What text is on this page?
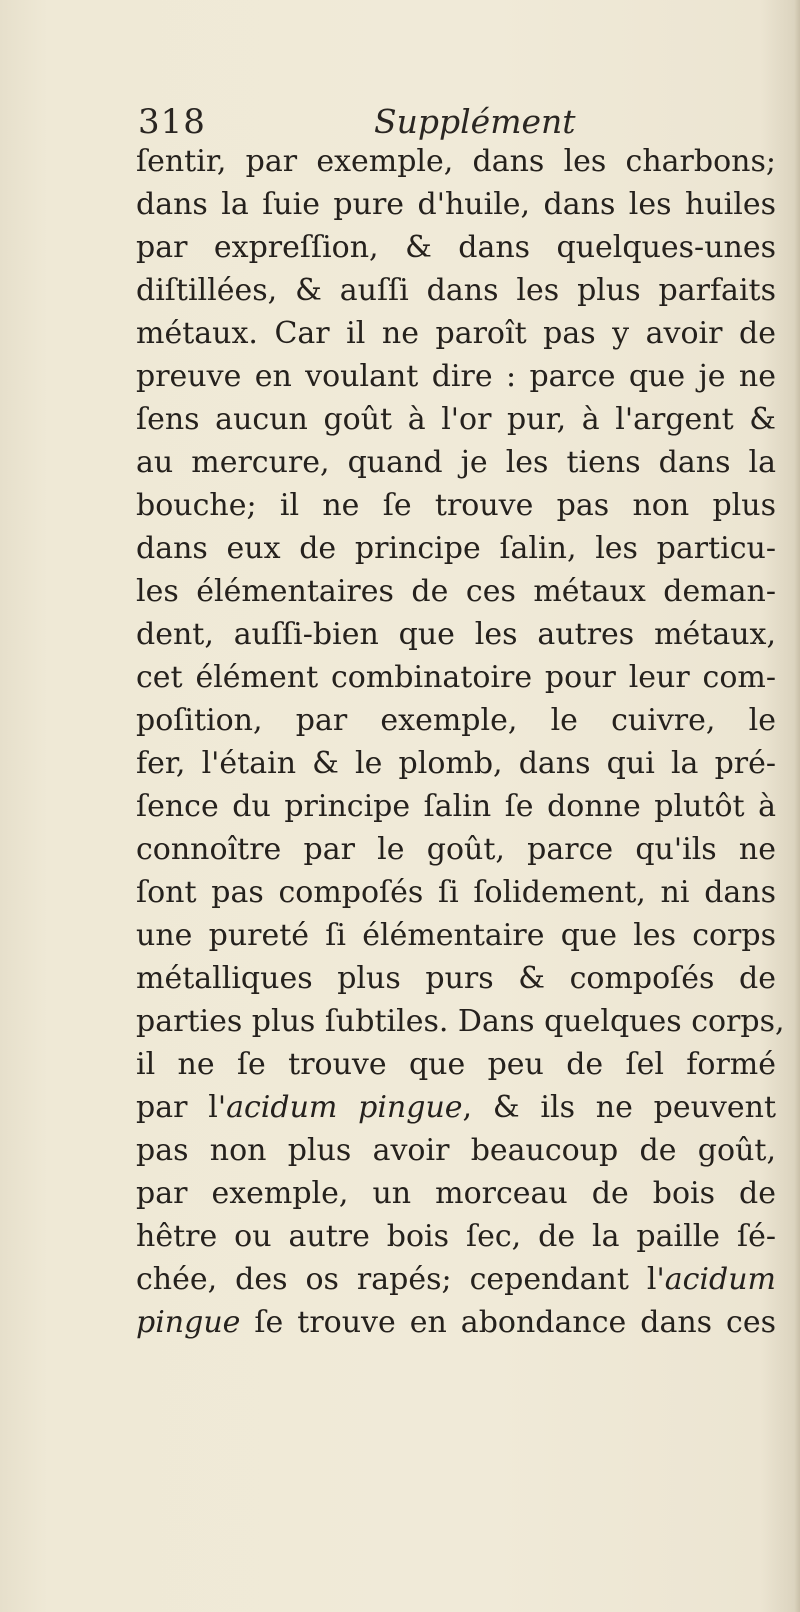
318	Supplément
ſentir, par exemple, dans les charbons;
dans la ſuie pure d'huile, dans les huiles
par expreſſion, & dans quelques-unes
diſtillées, & auſſi dans les plus parfaits
métaux. Car il ne paroît pas y avoir de
preuve en voulant dire : parce que je ne
ſens aucun goût à l'or pur, à l'argent &
au mercure, quand je les tiens dans la
bouche; il ne ſe trouve pas non plus
dans eux de principe ſalin, les particu-
les élémentaires de ces métaux deman-
dent, auſſi-bien que les autres métaux,
cet élément combinatoire pour leur com-
poſition, par exemple, le cuivre, le
fer, l'étain & le plomb, dans qui la pré-
ſence du principe ſalin ſe donne plutôt à
connoître par le goût, parce qu'ils ne
ſont pas compoſés ſi ſolidement, ni dans
une pureté ſi élémentaire que les corps
métalliques plus purs & compoſés de
parties plus ſubtiles. Dans quelques corps,
il ne ſe trouve que peu de ſel formé
par l'acidum pingue, & ils ne peuvent
pas non plus avoir beaucoup de goût,
par exemple, un morceau de bois de
hêtre ou autre bois ſec, de la paille ſé-
chée, des os rapés; cependant l'acidum
pingue ſe trouve en abondance dans ces
